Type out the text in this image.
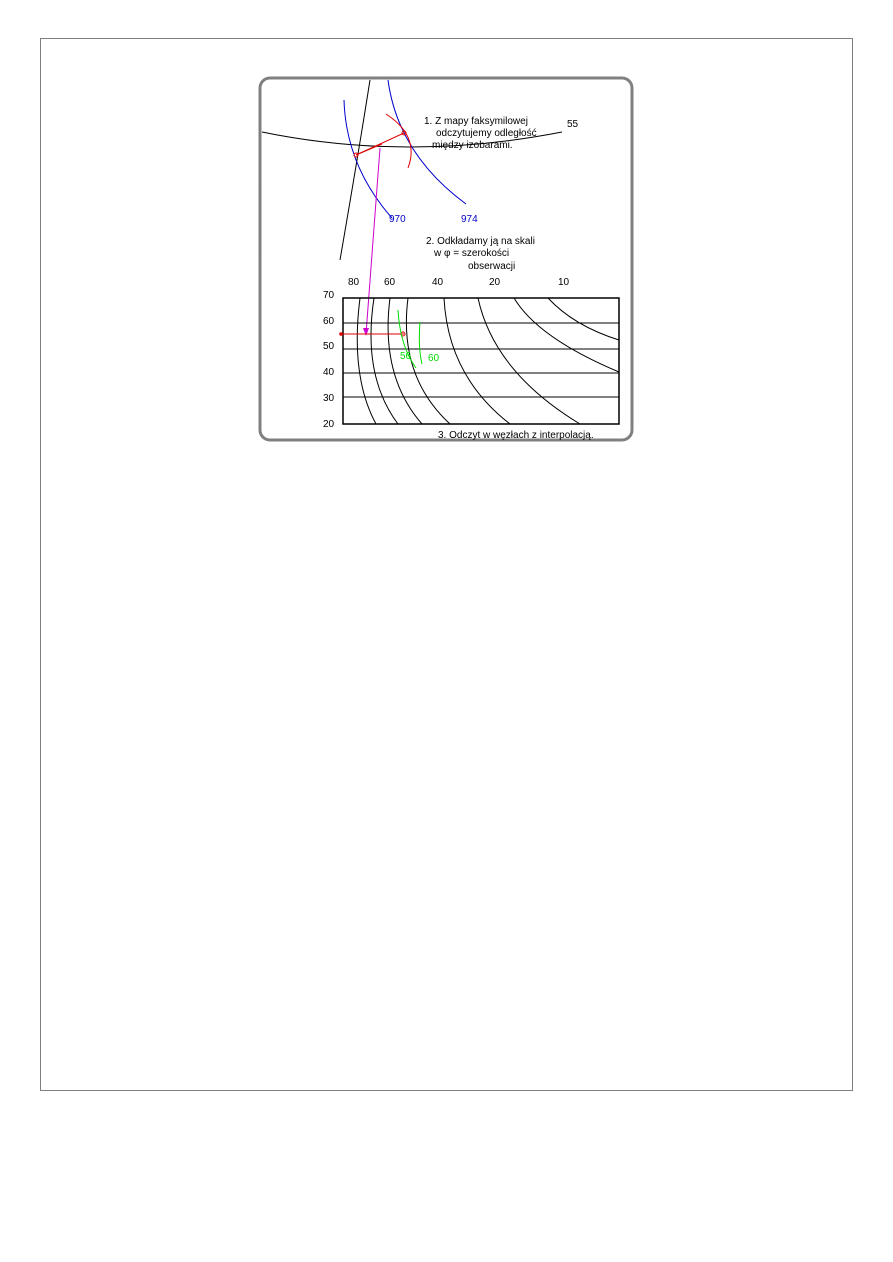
1. Z mapy faksymilowej
odczytujemy odległość
między izobarami.
55
970	974
2. Odkładamy ją na skali
w φ = szerokości
obserwacji
80 60	40	20	10
70
60
50
40
30
20
56 60
3. Odczyt w węzłach z interpolacją.
